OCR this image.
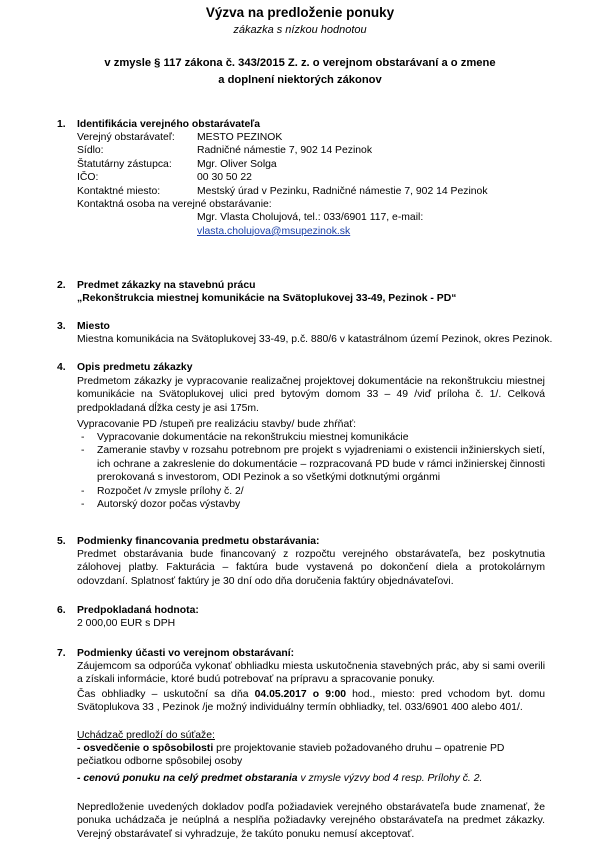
Výzva na predloženie ponuky
zákazka s nízkou hodnotou
v zmysle § 117 zákona č. 343/2015 Z. z. o verejnom obstarávaní a o zmene
a doplnení niektorých zákonov
1. Identifikácia verejného obstarávateľa
Verejný obstarávateľ: MESTO PEZINOK
Sídlo:	Radničné námestie 7, 902 14 Pezinok
Štatutárny zástupca: Mgr. Oliver Solga
IČO:	00 30 50 22
Kontaktné miesto:	Mestský úrad v Pezinku, Radničné námestie 7, 902 14 Pezinok
Kontaktná osoba na verejné obstarávanie:
Mgr. Vlasta Cholujová, tel.: 033/6901 117, e-mail:
vlasta.cholujova@msupezinok.sk
2. Predmet zákazky na stavebnú prácu
„Rekonštrukcia miestnej komunikácie na Svätoplukovej 33-49, Pezinok - PD“
3. Miesto
Miestna komunikácia na Svätoplukovej 33-49, p.č. 880/6 v katastrálnom území Pezinok, okres Pezinok.
4. Opis predmetu zákazky
Predmetom zákazky je vypracovanie realizačnej projektovej dokumentácie na rekonštrukciu miestnej komunikácie na Svätoplukovej ulici pred bytovým domom 33 – 49 /viď príloha č. 1/. Celková predpokladaná dĺžka cesty je asi 175m.
Vypracovanie PD /stupeň pre realizáciu stavby/ bude zhŕňať:
- Vypracovanie dokumentácie na rekonštrukciu miestnej komunikácie
- Zameranie stavby v rozsahu potrebnom pre projekt s vyjadreniami o existencii inžinierskych sietí, ich ochrane a zakreslenie do dokumentácie – rozpracovaná PD bude v rámci inžinierskej činnosti prerokovaná s investorom, ODI Pezinok a so všetkými dotknutými orgánmi
- Rozpočet /v zmysle prílohy č. 2/
- Autorský dozor počas výstavby
5. Podmienky financovania predmetu obstarávania:
Predmet obstarávania bude financovaný z rozpočtu verejného obstarávateľa, bez poskytnutia zálohovej platby. Fakturácia – faktúra bude vystavená po dokončení diela a protokolárnym odovzdaní. Splatnosť faktúry je 30 dní odo dňa doručenia faktúry objednávateľovi.
6. Predpokladaná hodnota:
2 000,00 EUR s DPH
7. Podmienky účasti vo verejnom obstarávaní:
Záujemcom sa odporúča vykonať obhliadku miesta uskutočnenia stavebných prác, aby si sami overili a získali informácie, ktoré budú potrebovať na prípravu a spracovanie ponuky.
Čas obhliadky – uskutoční sa dňa 04.05.2017 o 9:00 hod., miesto: pred vchodom byt. domu Svätoplukova 33 , Pezinok /je možný individuálny termín obhliadky, tel. 033/6901 400 alebo 401/.
Uchádzač predloží do súťaže:
- osvedčenie o spôsobilosti pre projektovanie stavieb požadovaného druhu – opatrenie PD pečiatkou odborne spôsobilej osoby
- cenovú ponuku na celý predmet obstarania v zmysle výzvy bod 4 resp. Prílohy č. 2.
Nepredloženie uvedených dokladov podľa požiadaviek verejného obstarávateľa bude znamenať, že ponuka uchádzača je neúplná a nesplňa požiadavky verejného obstarávateľa na predmet zákazky. Verejný obstarávateľ si vyhradzuje, že takúto ponuku nemusí akceptovať.
